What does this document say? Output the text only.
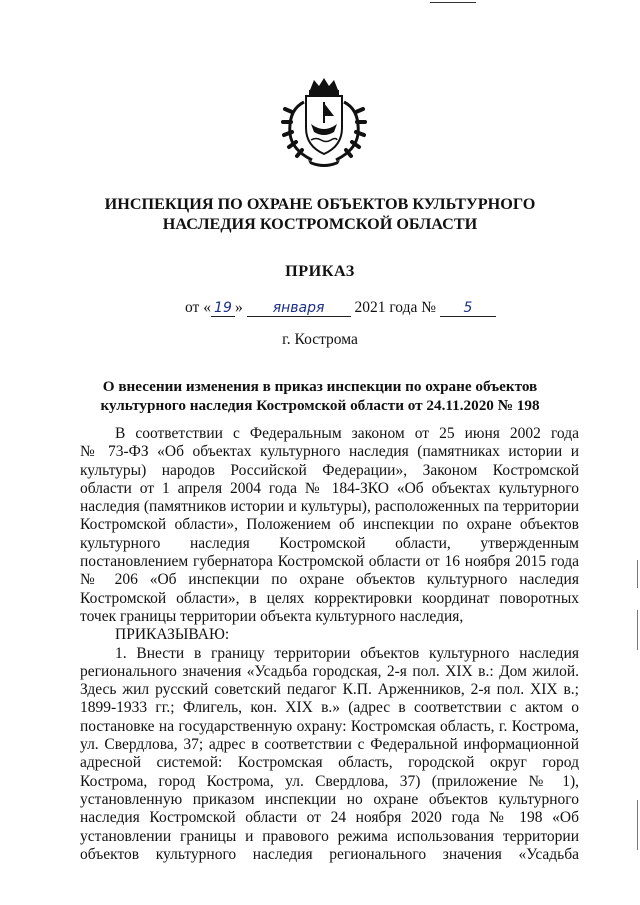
ИНСПЕКЦИЯ ПО ОХРАНЕ ОБЪЕКТОВ КУЛЬТУРНОГО
НАСЛЕДИЯ КОСТРОМСКОЙ ОБЛАСТИ
ПРИКАЗ
от « 19 » января 2021 года № 5
г. Кострома
О внесении изменения в приказ инспекции по охране объектов
культурного наследия Костромской области от 24.11.2020 № 198
В соответствии с Федеральным законом от 25 июня 2002 года
№ 73-ФЗ «Об объектах культурного наследия (памятниках истории и
культуры) народов Российской Федерации», Законом Костромской
области от 1 апреля 2004 года № 184-ЗКО «Об объектах культурного
наследия (памятников истории и культуры), расположенных па территории
Костромской области», Положением об инспекции по охране объектов
культурного наследия Костромской области, утвержденным
постановлением губернатора Костромской области от 16 ноября 2015 года
№ 206 «Об инспекции по охране объектов культурного наследия
Костромской области», в целях корректировки координат поворотных
точек границы территории объекта культурного наследия,
ПРИКАЗЫВАЮ:
1. Внести в границу территории объектов культурного наследия
регионального значения «Усадьба городская, 2-я пол. XIX в.: Дом жилой.
Здесь жил русский советский педагог К.П. Арженников, 2-я пол. XIX в.;
1899-1933 гг.; Флигель, кон. XIX в.» (адрес в соответствии с актом о
постановке на государственную охрану: Костромская область, г. Кострома,
ул. Свердлова, 37; адрес в соответствии с Федеральной информационной
адресной системой: Костромская область, городской округ город
Кострома, город Кострома, ул. Свердлова, 37) (приложение № 1),
установленную приказом инспекции но охране объектов культурного
наследия Костромской области от 24 ноября 2020 года № 198 «Об
установлении границы и правового режима использования территории
объектов культурного наследия регионального значения «Усадьба
